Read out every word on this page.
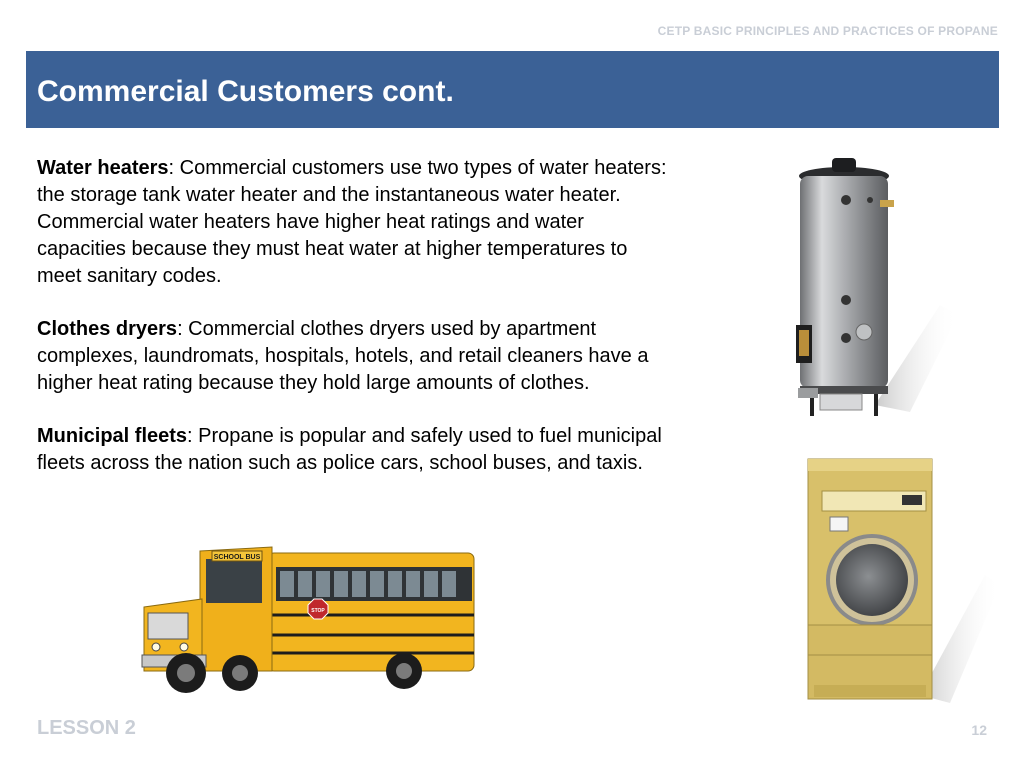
CETP BASIC PRINCIPLES AND PRACTICES OF PROPANE
Commercial Customers cont.

Water heaters: Commercial customers use two types of water heaters: the storage tank water heater and the instantaneous water heater. Commercial water heaters have higher heat ratings and water capacities because they must heat water at higher temperatures to meet sanitary codes.

Clothes dryers: Commercial clothes dryers used by apartment complexes, laundromats, hospitals, hotels, and retail cleaners have a higher heat rating because they hold large amounts of clothes.

Municipal fleets: Propane is popular and safely used to fuel municipal fleets across the nation such as police cars, school buses, and taxis.

SCHOOL BUS
STOP
LESSON 2	12
